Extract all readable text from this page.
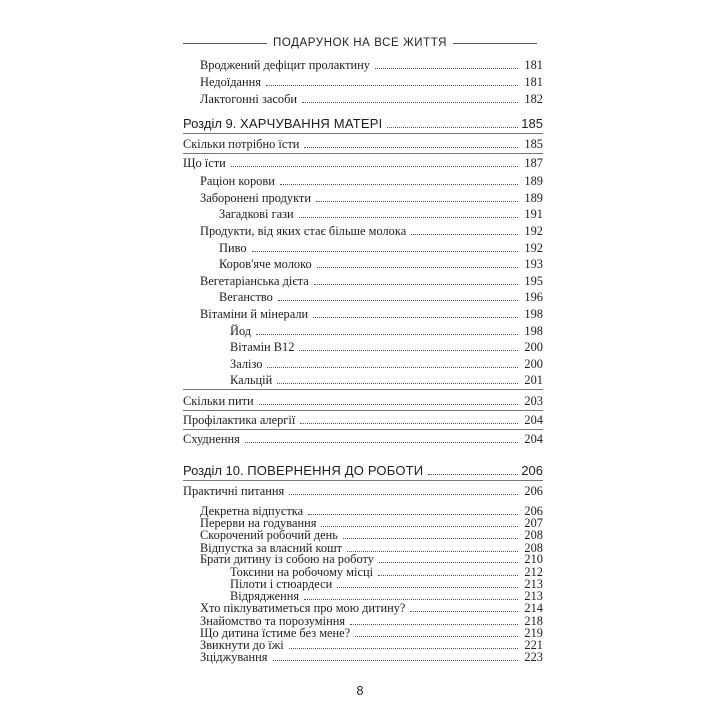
ПОДАРУНОК НА ВСЕ ЖИТТЯ
Вроджений дефіцит пролактину	181
Недоїдання	181
Лактогонні засоби	182
Розділ 9. ХАРЧУВАННЯ МАТЕРІ	185
Скільки потрібно їсти	185
Що їсти	187
Раціон корови	189
Заборонені продукти	189
Загадкові гази	191
Продукти, від яких стає більше молока	192
Пиво	192
Коров'яче молоко	193
Вегетаріанська дієта	195
Веганство	196
Вітаміни й мінерали	198
Йод	198
Вітамін В12	200
Залізо	200
Кальцій	201
Скільки пити	203
Профілактика алергії	204
Схуднення	204
Розділ 10. ПОВЕРНЕННЯ ДО РОБОТИ	206
Практичні питання	206
Декретна відпустка	206
Перерви на годування	207
Скорочений робочий день	208
Відпустка за власний кошт	208
Брати дитину із собою на роботу	210
Токсини на робочому місці	212
Пілоти і стюардеси	213
Відрядження	213
Хто піклуватиметься про мою дитину?	214
Знайомство та порозуміння	218
Що дитина їстиме без мене?	219
Звикнути до їжі	221
Зціджування	223
8
